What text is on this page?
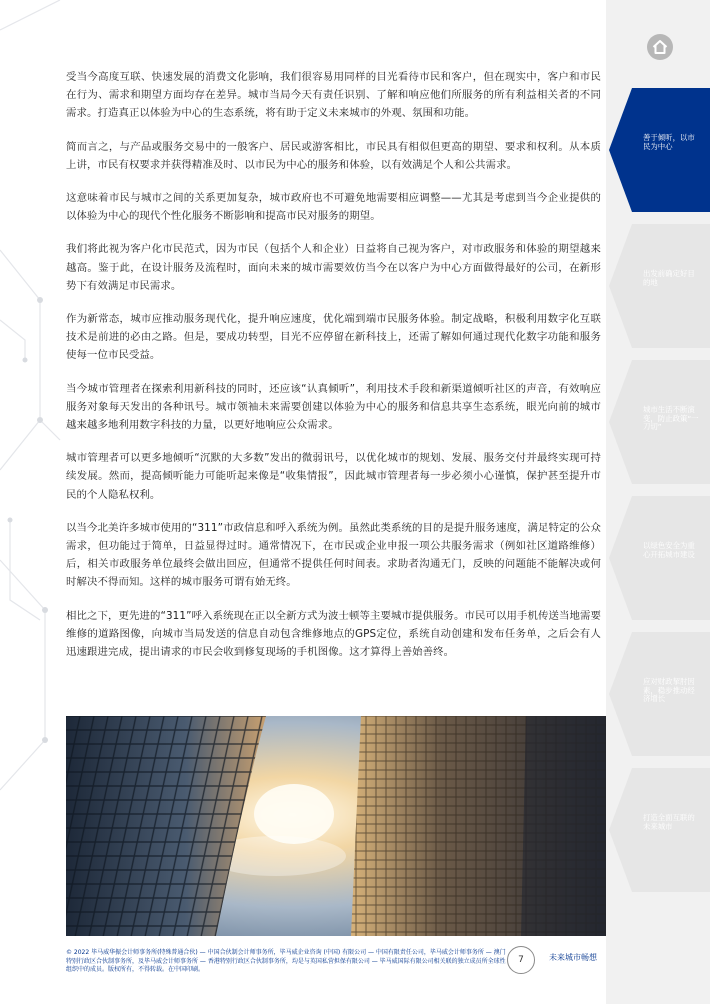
受当今高度互联、快速发展的消费文化影响，我们很容易用同样的目光看待市民和客户，但在现实中，客户和市民在行为、需求和期望方面均存在差异。城市当局今天有责任识别、了解和响应他们所服务的所有利益相关者的不同需求。打造真正以体验为中心的生态系统，将有助于定义未来城市的外观、氛围和功能。

简而言之，与产品或服务交易中的一般客户、居民或游客相比，市民具有相似但更高的期望、要求和权利。从本质上讲，市民有权要求并获得精准及时、以市民为中心的服务和体验，以有效满足个人和公共需求。

这意味着市民与城市之间的关系更加复杂，城市政府也不可避免地需要相应调整——尤其是考虑到当今企业提供的以体验为中心的现代个性化服务不断影响和提高市民对服务的期望。

我们将此视为客户化市民范式，因为市民（包括个人和企业）日益将自己视为客户，对市政服务和体验的期望越来越高。鉴于此，在设计服务及流程时，面向未来的城市需要效仿当今在以客户为中心方面做得最好的公司，在新形势下有效满足市民需求。

作为新常态，城市应推动服务现代化，提升响应速度，优化端到端市民服务体验。制定战略，积极利用数字化互联技术是前进的必由之路。但是，要成功转型，目光不应停留在新科技上，还需了解如何通过现代化数字功能和服务使每一位市民受益。

当今城市管理者在探索利用新科技的同时，还应该“认真倾听”，利用技术手段和新渠道倾听社区的声音，有效响应服务对象每天发出的各种讯号。城市领袖未来需要创建以体验为中心的服务和信息共享生态系统，眼光向前的城市越来越多地利用数字科技的力量，以更好地响应公众需求。

城市管理者可以更多地倾听“沉默的大多数”发出的微弱讯号，以优化城市的规划、发展、服务交付并最终实现可持续发展。然而，提高倾听能力可能听起来像是“收集情报”，因此城市管理者每一步必须小心谨慎，保护甚至提升市民的个人隐私权利。

以当今北美许多城市使用的“311”市政信息和呼入系统为例。虽然此类系统的目的是提升服务速度，满足特定的公众需求，但功能过于简单，日益显得过时。通常情况下，在市民或企业申报一项公共服务需求（例如社区道路维修）后，相关市政服务单位最终会做出回应，但通常不提供任何时间表。求助者沟通无门，反映的问题能不能解决或何时解决不得而知。这样的城市服务可谓有始无终。

相比之下，更先进的“311”呼入系统现在正以全新方式为波士顿等主要城市提供服务。市民可以用手机传送当地需要维修的道路图像，向城市当局发送的信息自动包含维修地点的GPS定位，系统自动创建和发布任务单，之后会有人迅速跟进完成，提出请求的市民会收到修复现场的手机图像。这才算得上善始善终。

© 2022 毕马威华振会计师事务所(特殊普通合伙) — 中国合伙制会计师事务所，毕马威企业咨询 (中国) 有限公司 — 中国有限责任公司，毕马威会计师事务所 — 澳门特别行政区合伙制事务所，及毕马威会计师事务所 — 香港特别行政区合伙制事务所，均是与英国私营担保有限公司 — 毕马威国际有限公司相关联的独立成员所全球性组织中的成员。版权所有，不得转载。在中国印刷。
7	未来城市畅想
善于倾听，以市民为中心
出发前确定好目的地
城市生活不断演变，防止政策“一刀切”
以绿色安全为重心开拓城市建设
应对财政挈肘因素，稳步推动经济增长
打造全面互联的未来城市
